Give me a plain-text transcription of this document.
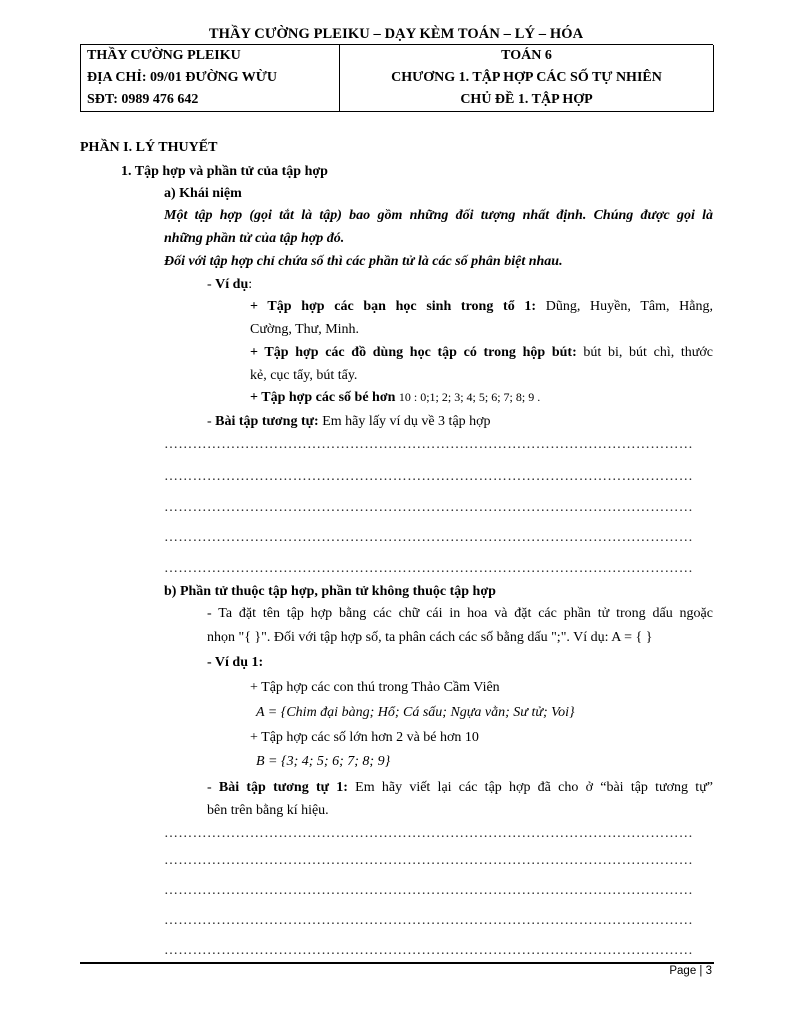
THẦY CƯỜNG PLEIKU – DẠY KÈM TOÁN – LÝ – HÓA
THẦY CƯỜNG PLEIKU	TOÁN 6
ĐỊA CHỈ: 09/01 ĐƯỜNG WỪU	CHƯƠNG 1. TẬP HỢP CÁC SỐ TỰ NHIÊN
SĐT: 0989 476 642	CHỦ ĐỀ 1. TẬP HỢP
PHẦN I. LÝ THUYẾT
1. Tập hợp và phần tử của tập hợp
a) Khái niệm
Một tập hợp (gọi tắt là tập) bao gồm những đối tượng nhất định. Chúng được gọi là
những phần tử của tập hợp đó.
Đối với tập hợp chỉ chứa số thì các phần tử là các số phân biệt nhau.
- Ví dụ:
+ Tập hợp các bạn học sinh trong tổ 1: Dũng, Huyền, Tâm, Hằng,
Cường, Thư, Minh.
+ Tập hợp các đồ dùng học tập có trong hộp bút: bút bi, bút chì, thước
kẻ, cục tẩy, bút tẩy.
+ Tập hợp các số bé hơn 10 : 0;1; 2; 3; 4; 5; 6; 7; 8; 9 .
- Bài tập tương tự: Em hãy lấy ví dụ về 3 tập hợp
…………………………………………………………………………………………………
…………………………………………………………………………………………………
…………………………………………………………………………………………………
…………………………………………………………………………………………………
…………………………………………………………………………………………………
b) Phần tử thuộc tập hợp, phần tử không thuộc tập hợp
- Ta đặt tên tập hợp bằng các chữ cái in hoa và đặt các phần tử trong dấu ngoặc
nhọn "{ }". Đối với tập hợp số, ta phân cách các số bằng dấu ";". Ví dụ: A = { }
- Ví dụ 1:
+ Tập hợp các con thú trong Thảo Cầm Viên
A = {Chim đại bàng; Hổ; Cá sấu; Ngựa vằn; Sư tử; Voi}
+ Tập hợp các số lớn hơn 2 và bé hơn 10
B = {3; 4; 5; 6; 7; 8; 9}
- Bài tập tương tự 1: Em hãy viết lại các tập hợp đã cho ở “bài tập tương tự”
bên trên bằng kí hiệu.
…………………………………………………………………………………………………
…………………………………………………………………………………………………
…………………………………………………………………………………………………
…………………………………………………………………………………………………
…………………………………………………………………………………………………
Page | 3
